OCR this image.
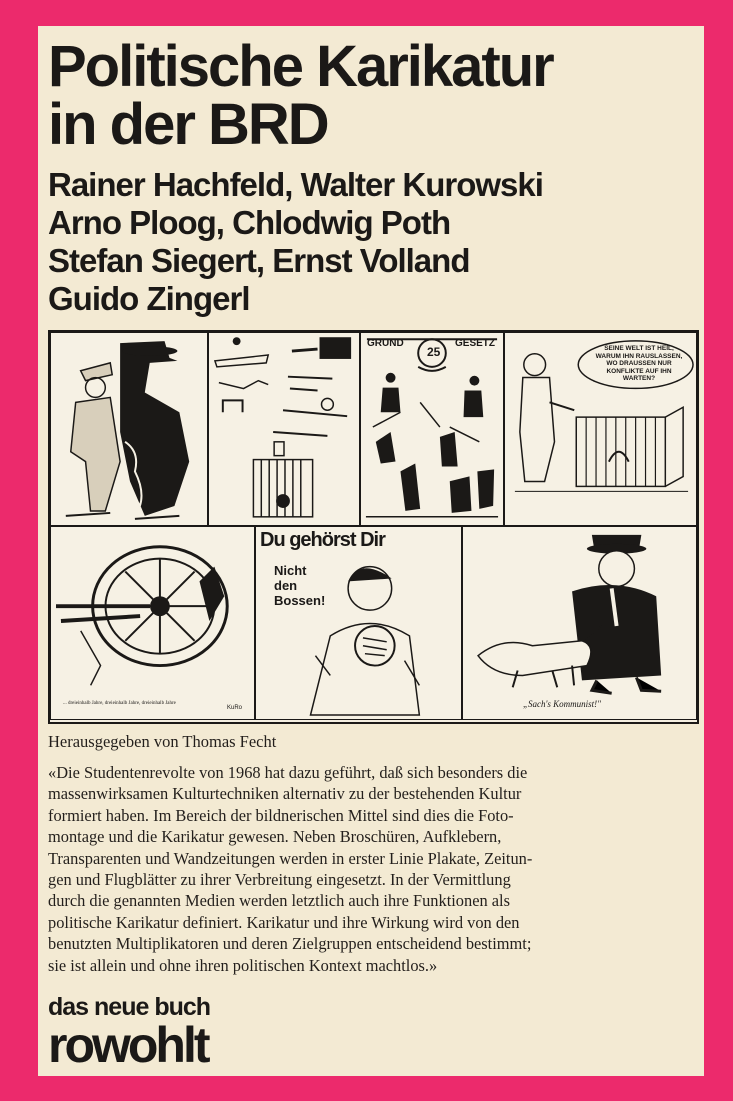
Politische Karikatur
in der BRD
Rainer Hachfeld, Walter Kurowski
Arno Ploog, Chlodwig Poth
Stefan Siegert, Ernst Volland
Guido Zingerl
GRUND
25
GESETZ	SEINE WELT IST HEIL,
WARUM IHN RAUSLASSEN,
WO DRAUSSEN NUR
KONFLIKTE AUF IHN
WARTEN?
... dreieinhalb Jahre, dreieinhalb Jahre, dreieinhalb Jahre
KuRo
Du gehörst Dir
Nicht
den
Bossen!
„Sach's Kommunist!"
Herausgegeben von Thomas Fecht
«Die Studentenrevolte von 1968 hat dazu geführt, daß sich besonders die
massenwirksamen Kulturtechniken alternativ zu der bestehenden Kultur
formiert haben. Im Bereich der bildnerischen Mittel sind dies die Foto-
montage und die Karikatur gewesen. Neben Broschüren, Aufklebern,
Transparenten und Wandzeitungen werden in erster Linie Plakate, Zeitun-
gen und Flugblätter zu ihrer Verbreitung eingesetzt. In der Vermittlung
durch die genannten Medien werden letztlich auch ihre Funktionen als
politische Karikatur definiert. Karikatur und ihre Wirkung wird von den
benutzten Multiplikatoren und deren Zielgruppen entscheidend bestimmt;
sie ist allein und ohne ihren politischen Kontext machtlos.»
das neue buch
rowohlt
